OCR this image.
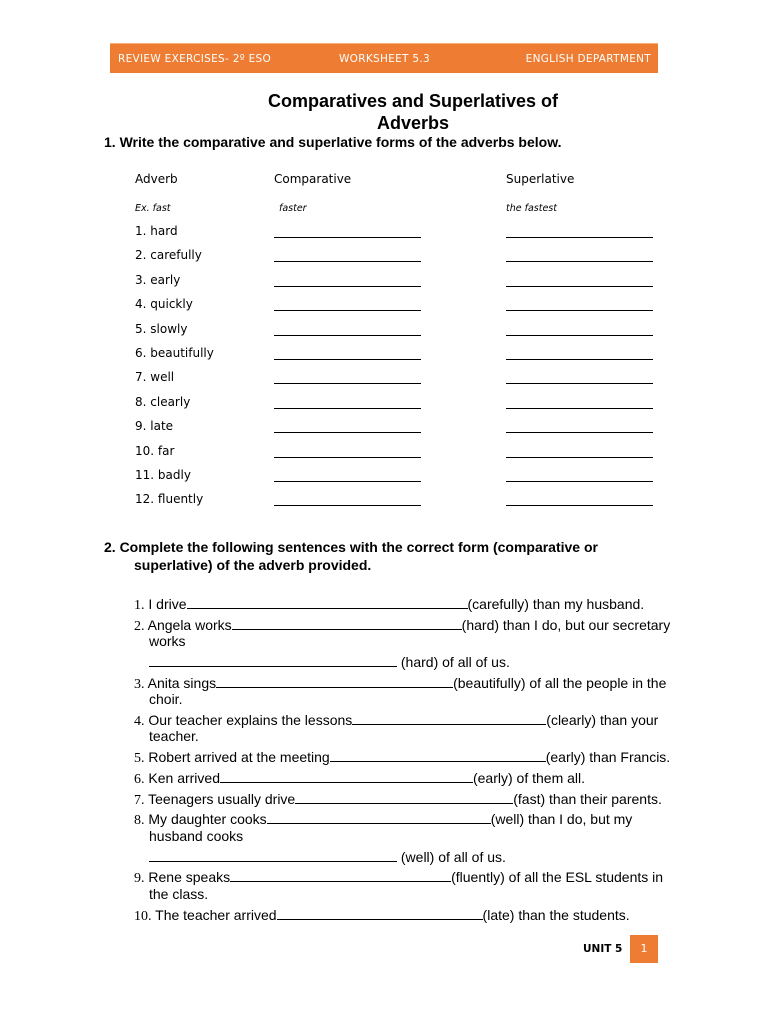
REVIEW EXERCISES- 2º ESO	WORKSHEET 5.3	ENGLISH DEPARTMENT
Comparatives and Superlatives of
Adverbs
1. Write the comparative and superlative forms of the adverbs below.
Adverb	Comparative	Superlative
Ex. fast	faster	the fastest
1. hard
2. carefully
3. early
4. quickly
5. slowly
6. beautifully
7. well
8. clearly
9. late
10. far
11. badly
12. fluently
2. Complete the following sentences with the correct form (comparative or
superlative) of the adverb provided.
1. I drive	(carefully) than my husband.
2. Angela works	(hard) than I do, but our secretary
works
(hard) of all of us.
3. Anita sings	(beautifully) of all the people in the
choir.
4. Our teacher explains the lessons	(clearly) than your
teacher.
5. Robert arrived at the meeting	(early) than Francis.
6. Ken arrived	(early) of them all.
7. Teenagers usually drive	(fast) than their parents.
8. My daughter cooks	(well) than I do, but my
husband cooks
(well) of all of us.
9. Rene speaks	(fluently) of all the ESL students in
the class.
10. The teacher arrived	(late) than the students.
UNIT 5	1
